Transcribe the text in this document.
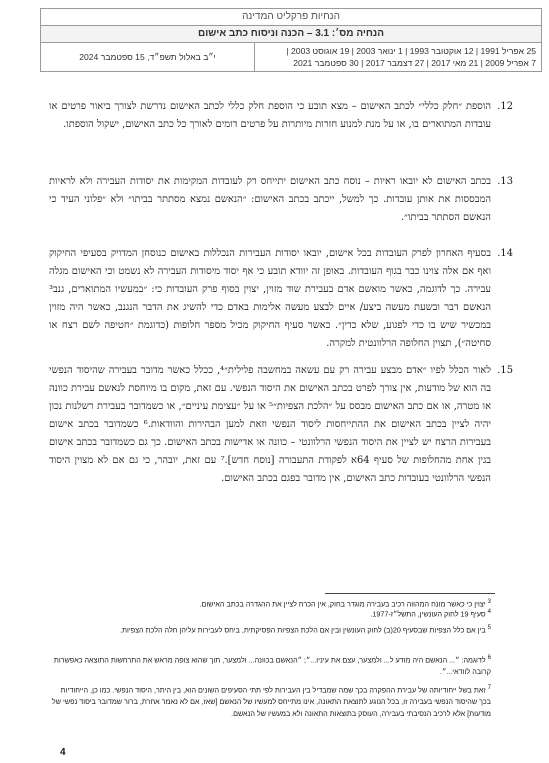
הנחיות פרקליט המדינה
הנחיה מס׳: 3.1 – הכנה וניסוח כתב אישום
25 אפריל 1991 | 12 אוקטובר 1993 | 1 ינואר 2003 | 19 אוגוסט 2003 |
7 אפריל 2009 | 21 מאי 2017 | 27 דצמבר 2017 | 30 ספטמבר 2021
י״ב באלול תשפ״ד, 15 ספטמבר 2024
12.
הוספת ״חלק כללי״ לכתב האישום – מצא תובע כי הוספת חלק כללי לכתב האישום נדרשת לצורך ביאור פרטים או עובדות המתוארים בו, או על מנת למנוע חזרות מיותרות על פרטים דומים לאורך כל כתב האישום, ישקול הוספתו.
13.
בכתב האישום לא יובאו ראיות – נוסח כתב האישום יתייחס רק לעובדות המקימות את יסודות העבירה ולא לראיות המבססות את אותן עובדות. כך למשל, ייכתב בכתב האישום: ״הנאשם נמצא מסתתר בביתו״ ולא ״פלוני העיד כי הנאשם הסתתר בביתו״.
14.
בסעיף האחרון לפרק העובדות בכל אישום, יובאו יסודות העבירות הנכללות באישום כנוסחן המדויק בסעיפי החיקוק ואף אם אלה צוינו כבר בגוף העובדות. באופן זה יוודא תובע כי אף יסוד מיסודות העבירה לא נשמט וכי האישום מגלה עבירה. כך לדוגמה, כאשר מואשם אדם בעבירת שוד מזוין, יצוין בסוף פרק העובדות כי: ״במעשיו המתוארים, גנב³ הנאשם דבר ובשעת מעשה ביצע/ איים לבצע מעשה אלימות באדם כדי להשיג את הדבר הנגנב, כאשר היה מזוין במכשיר שיש בו כדי לפגוע, שלא כדין״. כאשר סעיף החיקוק מכיל מספר חלופות (כדוגמת ״חטיפה לשם רצח או סחיטה״), תצוין החלופה הרלוונטית למקרה.
15.
לאור הכלל לפיו ״אדם מבצע עבירה רק עם עשאה במחשבה פלילית״⁴, ככלל כאשר מדובר בעבירה שהיסוד הנפשי בה הוא של מודעות, אין צורך לפרט בכתב האישום את היסוד הנפשי. עם זאת, מקום בו מיוחסת לנאשם עבירת כוונה או מטרה, או אם כתב האישום מבסס על ״הלכת הצפיות״⁵ או על ״עצימת עיניים״, או כשמדובר בעבירת רשלנות נכון יהיה לציין בכתב האישום את ההתייחסות ליסוד הנפשי וזאת למען הבהירות והוודאות.⁶ כשמדובר בכתב אישום בעבירות הרצח יש לציין את היסוד הנפשי הרלוונטי – כוונה או אדישות בכתב האישום. כך גם כשמדובר בכתב אישום בגין אחת מהחלופות של סעיף 64א לפקודת התעבורה [נוסח חדש].⁷ עם זאת, יובהר, כי גם אם לא מצוין היסוד הנפשי הרלוונטי בעובדות כתב האישום, אין מדובר בפגם בכתב האישום.
$^3$ יצוין כי כאשר מונח המהווה רכיב בעבירה מוגדר בחוק, אין הכרח לציין את ההגדרה בכתב האישום.
$^4$ סעיף 19 לחוק העונשין, התשל״ז-1977.
$^5$ בין אם כלל הצפיות שבסעיף 20(ב) לחוק העונשין ובין אם הלכת הצפיות הפסיקתית, ביחס לעבירות עליהן חלה הלכת הצפיות.
$^6$ לדוגמה: ״... הנאשם היה מודע ל... ולמצער, עצם את עיניו...״; ״הנאשם בכוונה... ולמצער, תוך שהוא צופה מראש את התרחשות התוצאה כאפשרות קרובה לוודאי...״.
$^7$ זאת בשל ייחודיותה של עבירת ההפקרה בכך שמה שמבדיל בין העבירות לפי תתי הסעיפים השונים הוא, בין היתר, היסוד הנפשי. כמו כן, הייחודיות בכך שהיסוד הנפשי בעבירה זו, בכל הנוגע לתוצאת התאונה, אינו מתייחס למעשיו של הנאשם [שאז, אם לא נאמר אחרת, ברור שמדובר ביסוד נפשי של מודעות] אלא לרכיב הנסיבתי בעבירה, העוסק בתוצאות התאונה ולא במעשיו של הנאשם.
4
